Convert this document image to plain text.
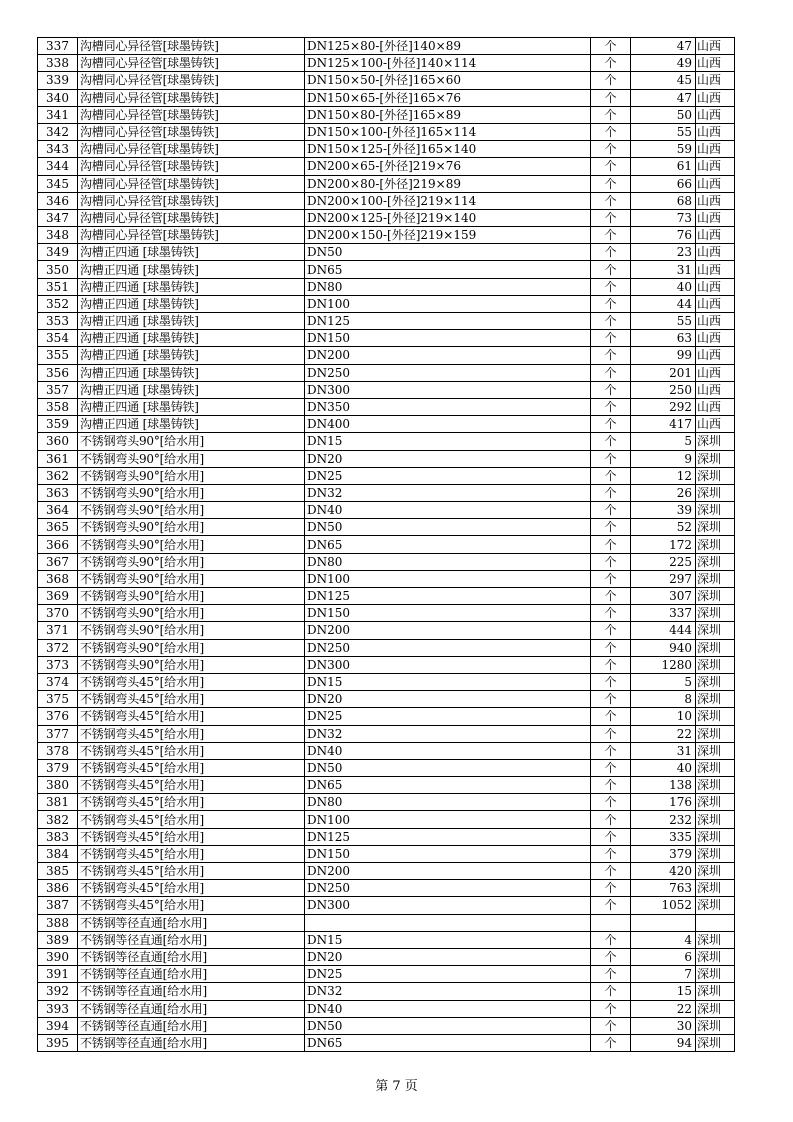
337	沟槽同心异径管[球墨铸铁]	DN125×80-[外径]140×89	个	47	山西
338	沟槽同心异径管[球墨铸铁]	DN125×100-[外径]140×114	个	49	山西
339	沟槽同心异径管[球墨铸铁]	DN150×50-[外径]165×60	个	45	山西
340	沟槽同心异径管[球墨铸铁]	DN150×65-[外径]165×76	个	47	山西
341	沟槽同心异径管[球墨铸铁]	DN150×80-[外径]165×89	个	50	山西
342	沟槽同心异径管[球墨铸铁]	DN150×100-[外径]165×114	个	55	山西
343	沟槽同心异径管[球墨铸铁]	DN150×125-[外径]165×140	个	59	山西
344	沟槽同心异径管[球墨铸铁]	DN200×65-[外径]219×76	个	61	山西
345	沟槽同心异径管[球墨铸铁]	DN200×80-[外径]219×89	个	66	山西
346	沟槽同心异径管[球墨铸铁]	DN200×100-[外径]219×114	个	68	山西
347	沟槽同心异径管[球墨铸铁]	DN200×125-[外径]219×140	个	73	山西
348	沟槽同心异径管[球墨铸铁]	DN200×150-[外径]219×159	个	76	山西
349	沟槽正四通 [球墨铸铁]	DN50	个	23	山西
350	沟槽正四通 [球墨铸铁]	DN65	个	31	山西
351	沟槽正四通 [球墨铸铁]	DN80	个	40	山西
352	沟槽正四通 [球墨铸铁]	DN100	个	44	山西
353	沟槽正四通 [球墨铸铁]	DN125	个	55	山西
354	沟槽正四通 [球墨铸铁]	DN150	个	63	山西
355	沟槽正四通 [球墨铸铁]	DN200	个	99	山西
356	沟槽正四通 [球墨铸铁]	DN250	个	201	山西
357	沟槽正四通 [球墨铸铁]	DN300	个	250	山西
358	沟槽正四通 [球墨铸铁]	DN350	个	292	山西
359	沟槽正四通 [球墨铸铁]	DN400	个	417	山西
360	不锈钢弯头90°[给水用]	DN15	个	5	深圳
361	不锈钢弯头90°[给水用]	DN20	个	9	深圳
362	不锈钢弯头90°[给水用]	DN25	个	12	深圳
363	不锈钢弯头90°[给水用]	DN32	个	26	深圳
364	不锈钢弯头90°[给水用]	DN40	个	39	深圳
365	不锈钢弯头90°[给水用]	DN50	个	52	深圳
366	不锈钢弯头90°[给水用]	DN65	个	172	深圳
367	不锈钢弯头90°[给水用]	DN80	个	225	深圳
368	不锈钢弯头90°[给水用]	DN100	个	297	深圳
369	不锈钢弯头90°[给水用]	DN125	个	307	深圳
370	不锈钢弯头90°[给水用]	DN150	个	337	深圳
371	不锈钢弯头90°[给水用]	DN200	个	444	深圳
372	不锈钢弯头90°[给水用]	DN250	个	940	深圳
373	不锈钢弯头90°[给水用]	DN300	个	1280	深圳
374	不锈钢弯头45°[给水用]	DN15	个	5	深圳
375	不锈钢弯头45°[给水用]	DN20	个	8	深圳
376	不锈钢弯头45°[给水用]	DN25	个	10	深圳
377	不锈钢弯头45°[给水用]	DN32	个	22	深圳
378	不锈钢弯头45°[给水用]	DN40	个	31	深圳
379	不锈钢弯头45°[给水用]	DN50	个	40	深圳
380	不锈钢弯头45°[给水用]	DN65	个	138	深圳
381	不锈钢弯头45°[给水用]	DN80	个	176	深圳
382	不锈钢弯头45°[给水用]	DN100	个	232	深圳
383	不锈钢弯头45°[给水用]	DN125	个	335	深圳
384	不锈钢弯头45°[给水用]	DN150	个	379	深圳
385	不锈钢弯头45°[给水用]	DN200	个	420	深圳
386	不锈钢弯头45°[给水用]	DN250	个	763	深圳
387	不锈钢弯头45°[给水用]	DN300	个	1052	深圳
388	不锈钢等径直通[给水用]				
389	不锈钢等径直通[给水用]	DN15	个	4	深圳
390	不锈钢等径直通[给水用]	DN20	个	6	深圳
391	不锈钢等径直通[给水用]	DN25	个	7	深圳
392	不锈钢等径直通[给水用]	DN32	个	15	深圳
393	不锈钢等径直通[给水用]	DN40	个	22	深圳
394	不锈钢等径直通[给水用]	DN50	个	30	深圳
395	不锈钢等径直通[给水用]	DN65	个	94	深圳
第 7 页
